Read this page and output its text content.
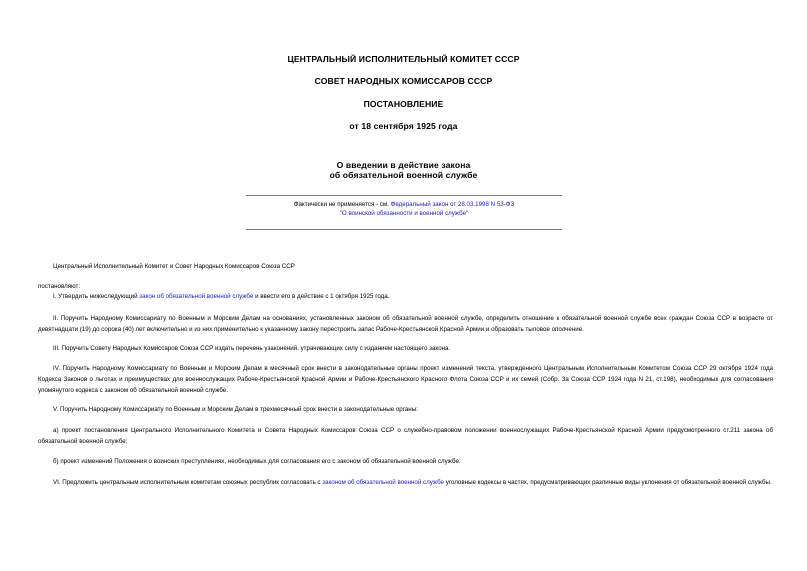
ЦЕНТРАЛЬНЫЙ ИСПОЛНИТЕЛЬНЫЙ КОМИТЕТ СССР
СОВЕТ НАРОДНЫХ КОМИССАРОВ СССР
ПОСТАНОВЛЕНИЕ
от 18 сентября 1925 года
О введении в действие закона
об обязательной военной службе
Фактически не применяется - см. Федеральный закон от 28.03.1998 N 53-ФЗ
"О воинской обязанности и военной службе"
Центральный Исполнительный Комитет и Совет Народных Комиссаров Союза ССР
постановляют:
I. Утвердить нижеследующий закон об обязательной военной службе и ввести его в действие с 1 октября 1925 года.
II. Поручить Народному Комиссариату по Военным и Морским Делам на основаниях, установленных законом об обязательной военной службе, определить отношение к обязательной военной службе всех граждан Союза ССР в возрасте от девятнадцати (19) до сорока (40) лет включительно и из них применительно к указанному закону перестроить запас Рабоче-Крестьянской Красной Армии и образовать тыловое ополчение.
III. Поручить Совету Народных Комиссаров Союза ССР издать перечень узаконений, утрачивающих силу с изданием настоящего закона.
IV. Поручить Народному Комиссариату по Военным и Морским Делам в месячный срок внести в законодательные органы проект изменений текста, утвержденного Центральным Исполнительным Комитетом Союза ССР 29 октября 1924 года Кодекса Законов о льготах и преимуществах для военнослужащих Рабоче-Крестьянской Красной Армии и Рабоче-Крестьянского Красного Флота Союза ССР и их семей (Собр. За Союза ССР 1924 года N 21, ст.198), необходимых для согласования упомянутого кодекса с законом об обязательной военной службе.
V. Поручить Народному Комиссариату по Военным и Морским Делам в трехмесячный срок внести в законодательные органы:
а) проект постановления Центрального Исполнительного Комитета и Совета Народных Комиссаров Союза ССР о служебно-правовом положении военнослужащих Рабоче-Крестьянской Красной Армии предусмотренного ст.211 закона об обязательной военной службе;
б) проект изменений Положения о воинских преступлениях, необходимых для согласования его с законом об обязательной военной службе.
VI. Предложить центральным исполнительным комитетам союзных республик согласовать с законом об обязательной военной службе уголовные кодексы в частях, предусматривающих различные виды уклонения от обязательной военной службы.
